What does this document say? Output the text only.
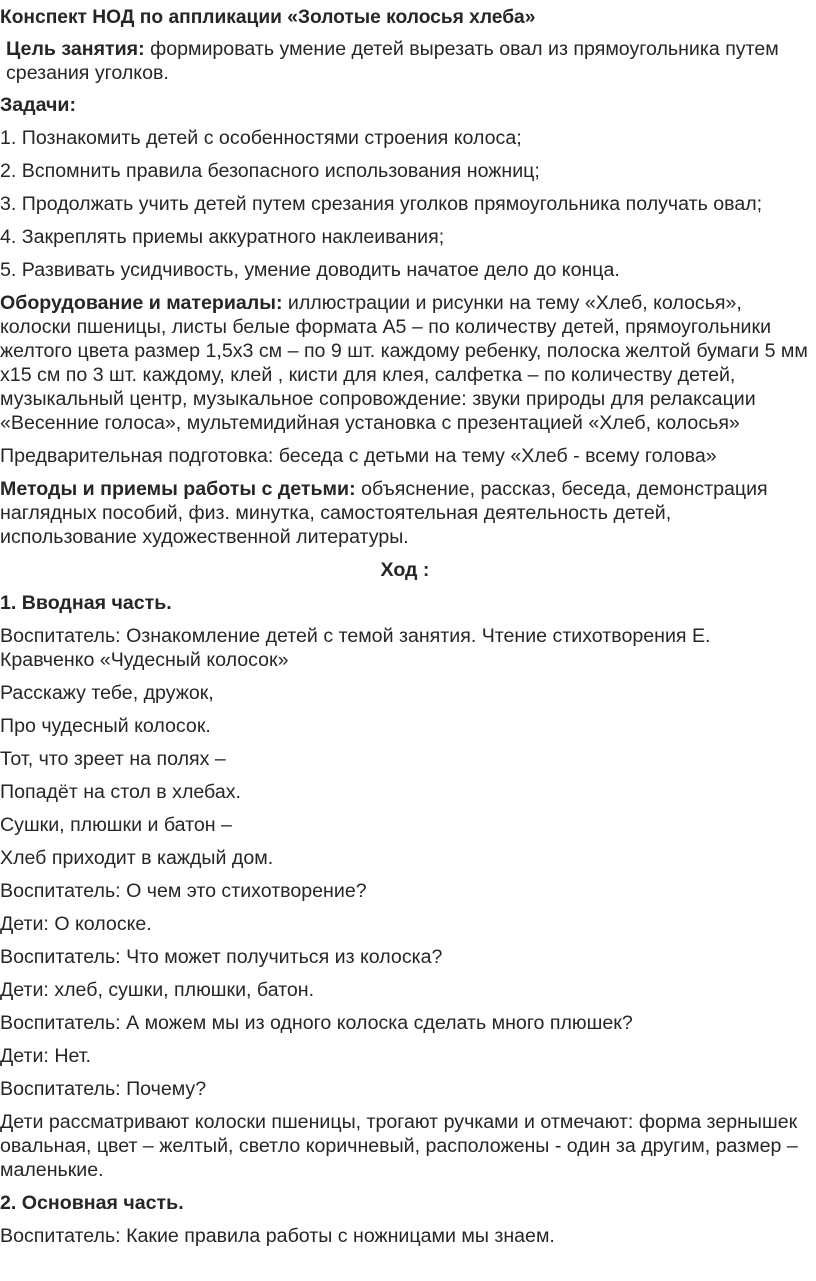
Конспект НОД по аппликации «Золотые колосья хлеба»

Цель занятия: формировать умение детей вырезать овал из прямоугольника путем срезания уголков.

Задачи:

1. Познакомить детей с особенностями строения колоса;

2. Вспомнить правила безопасного использования ножниц;

3. Продолжать учить детей путем срезания уголков прямоугольника получать овал;

4. Закреплять приемы аккуратного наклеивания;

5. Развивать усидчивость, умение доводить начатое дело до конца.

Оборудование и материалы: иллюстрации и рисунки на тему «Хлеб, колосья», колоски пшеницы, листы белые формата А5 – по количеству детей, прямоугольники желтого цвета размер 1,5х3 см – по 9 шт. каждому ребенку, полоска желтой бумаги 5 мм х15 см по 3 шт. каждому, клей , кисти для клея, салфетка – по количеству детей, музыкальный центр, музыкальное сопровождение: звуки природы для релаксации «Весенние голоса», мультемидийная установка с презентацией «Хлеб, колосья»

Предварительная подготовка: беседа с детьми на тему «Хлеб - всему голова»

Методы и приемы работы с детьми: объяснение, рассказ, беседа, демонстрация наглядных пособий, физ. минутка, самостоятельная деятельность детей, использование художественной литературы.

Ход :

1. Вводная часть.

Воспитатель: Ознакомление детей с темой занятия. Чтение стихотворения Е. Кравченко «Чудесный колосок»

Расскажу тебе, дружок,

Про чудесный колосок.

Тот, что зреет на полях –

Попадёт на стол в хлебах.

Сушки, плюшки и батон –

Хлеб приходит в каждый дом.

Воспитатель: О чем это стихотворение?

Дети: О колоске.

Воспитатель: Что может получиться из колоска?

Дети: хлеб, сушки, плюшки, батон.

Воспитатель: А можем мы из одного колоска сделать много плюшек?

Дети: Нет.

Воспитатель: Почему?

Дети рассматривают колоски пшеницы, трогают ручками и отмечают: форма зернышек овальная, цвет – желтый, светло коричневый, расположены - один за другим, размер – маленькие.

2. Основная часть.

Воспитатель: Какие правила работы с ножницами мы знаем.
